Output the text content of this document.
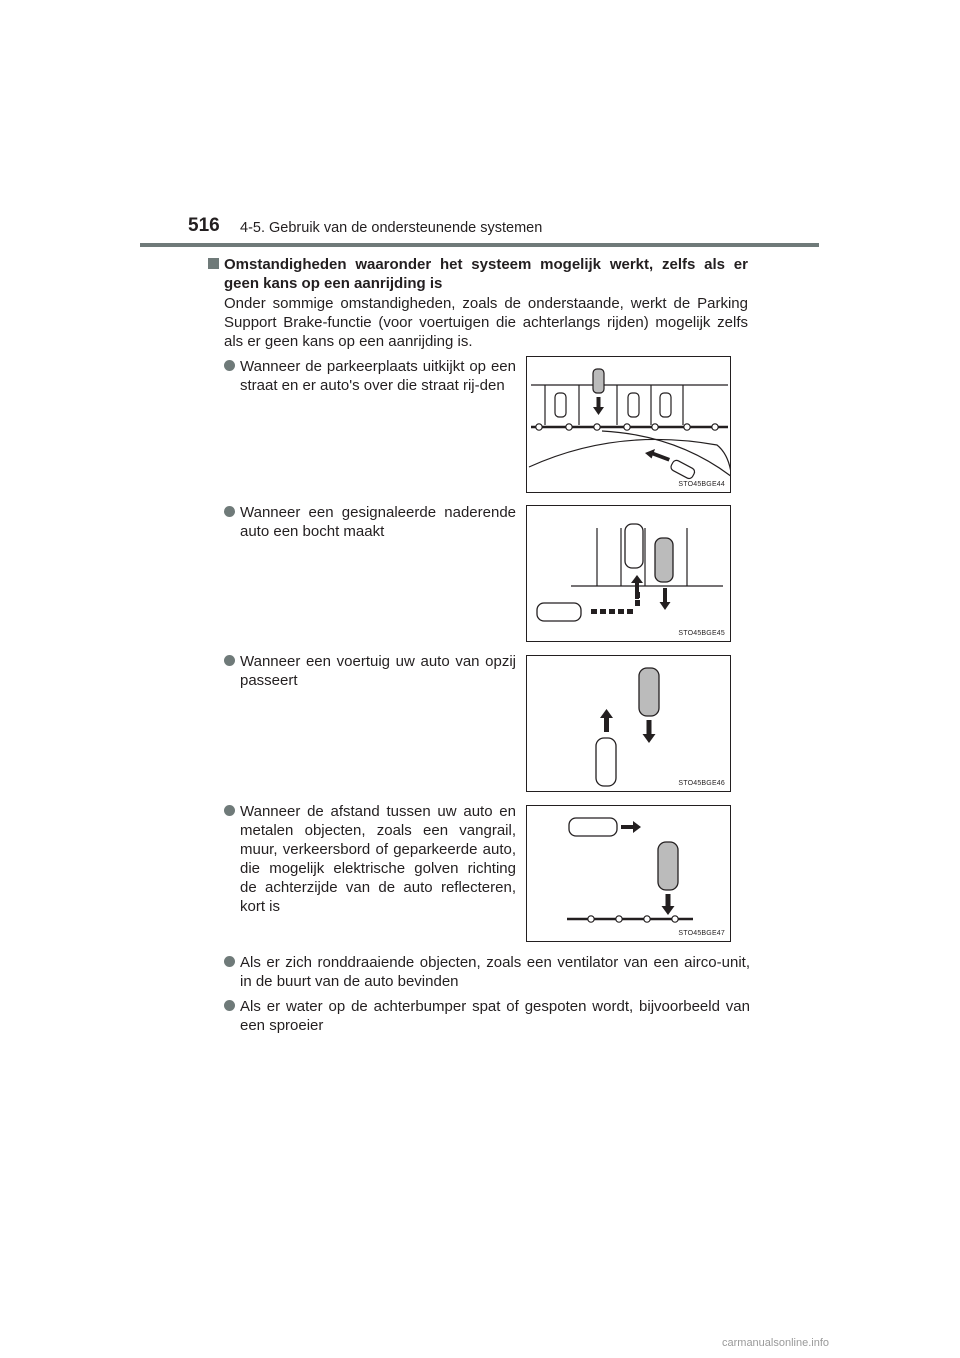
516 4-5. Gebruik van de ondersteunende systemen
Omstandigheden waaronder het systeem mogelijk werkt, zelfs als er geen kans op een aanrijding is
Onder sommige omstandigheden, zoals de onderstaande, werkt de Parking Support Brake-functie (voor voertuigen die achterlangs rijden) mogelijk zelfs als er geen kans op een aanrijding is.
Wanneer de parkeerplaats uitkijkt op een straat en er auto's over die straat rij-den
STO45BGE44
Wanneer een gesignaleerde naderende auto een bocht maakt
STO45BGE45
Wanneer een voertuig uw auto van opzij passeert
STO45BGE46
Wanneer de afstand tussen uw auto en metalen objecten, zoals een vangrail, muur, verkeersbord of geparkeerde auto, die mogelijk elektrische golven richting de achterzijde van de auto reflecteren, kort is
STO45BGE47
Als er zich ronddraaiende objecten, zoals een ventilator van een airco-unit, in de buurt van de auto bevinden
Als er water op de achterbumper spat of gespoten wordt, bijvoorbeeld van een sproeier
carmanualsonline.info
